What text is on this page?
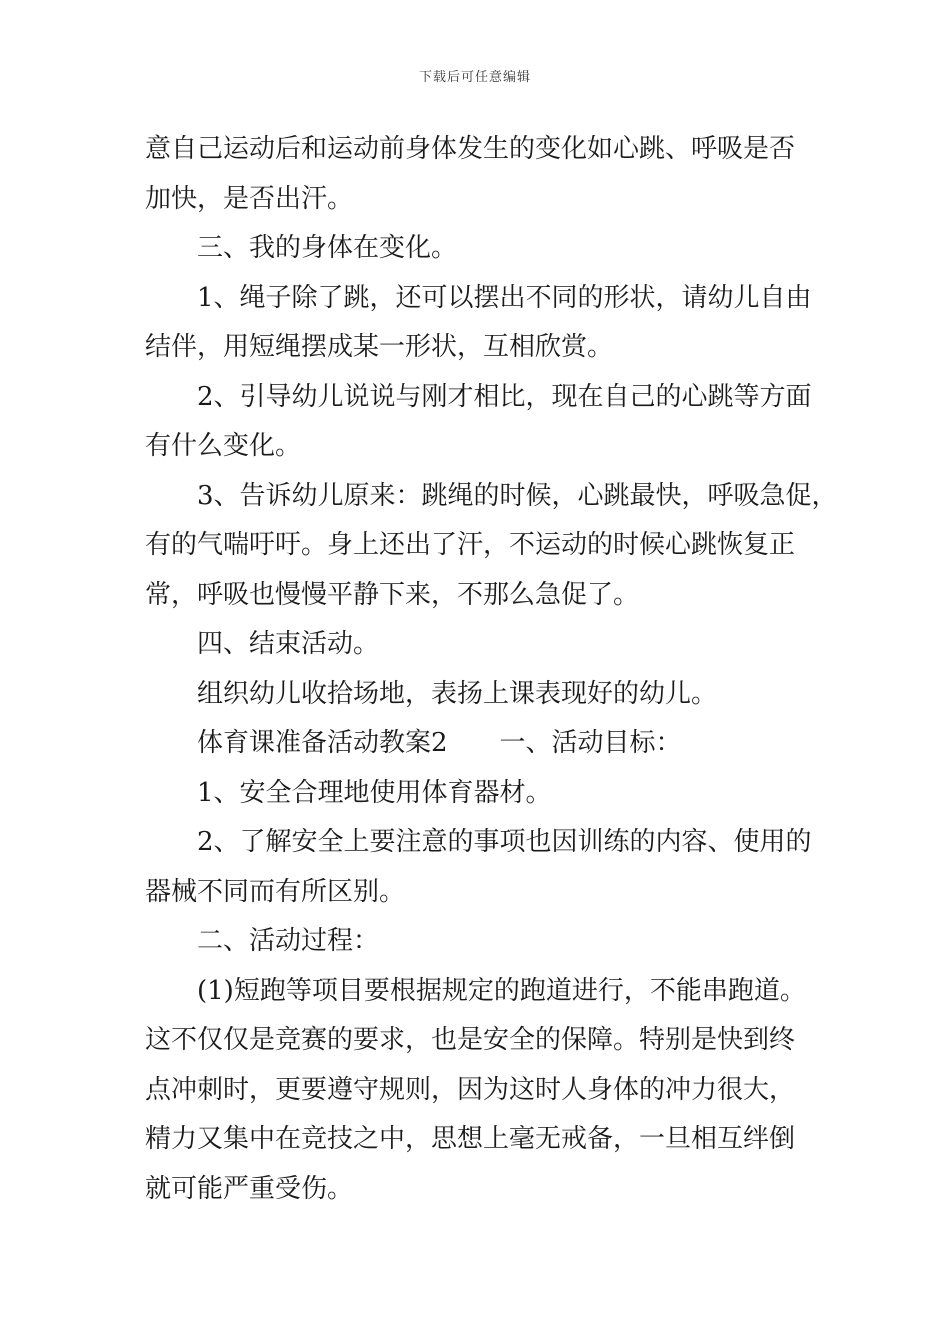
下载后可任意编辑

意自己运动后和运动前身体发生的变化如心跳、呼吸是否
加快，是否出汗。

三、我的身体在变化。

1、绳子除了跳，还可以摆出不同的形状，请幼儿自由
结伴，用短绳摆成某一形状，互相欣赏。

2、引导幼儿说说与刚才相比，现在自己的心跳等方面
有什么变化。

3、告诉幼儿原来：跳绳的时候，心跳最快，呼吸急促，
有的气喘吁吁。身上还出了汗，不运动的时候心跳恢复正
常，呼吸也慢慢平静下来，不那么急促了。

四、结束活动。

组织幼儿收拾场地，表扬上课表现好的幼儿。

体育课准备活动教案2 一、活动目标：

1、安全合理地使用体育器材。

2、了解安全上要注意的事项也因训练的内容、使用的
器械不同而有所区别。

二、活动过程：

(1)短跑等项目要根据规定的跑道进行，不能串跑道。
这不仅仅是竞赛的要求，也是安全的保障。特别是快到终
点冲刺时，更要遵守规则，因为这时人身体的冲力很大，
精力又集中在竞技之中，思想上毫无戒备，一旦相互绊倒
就可能严重受伤。
